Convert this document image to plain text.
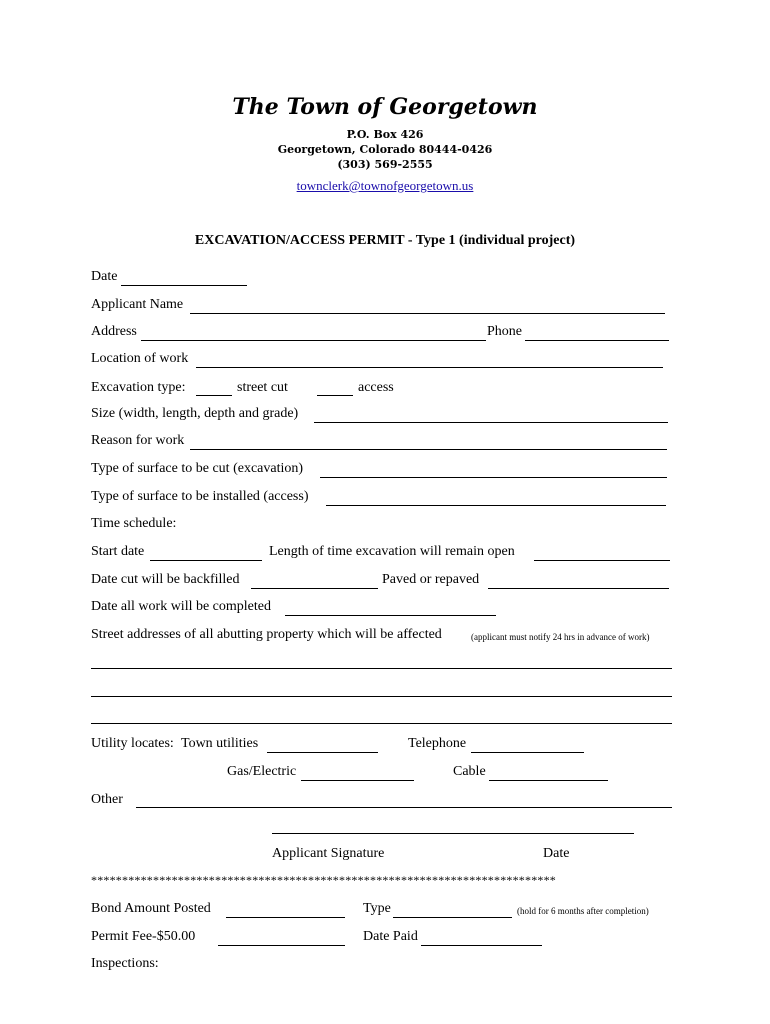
The Town of Georgetown
P.O. Box 426
Georgetown, Colorado 80444-0426
(303) 569-2555
townclerk@townofgeorgetown.us
EXCAVATION/ACCESS PERMIT - Type 1 (individual project)
Date
Applicant Name
Address	Phone
Location of work
Excavation type:	street cut	access
Size (width, length, depth and grade)
Reason for work
Type of surface to be cut (excavation)
Type of surface to be installed (access)
Time schedule:
Start date	Length of time excavation will remain open
Date cut will be backfilled	Paved or repaved
Date all work will be completed
Street addresses of all abutting property which will be affected	(applicant must notify 24 hrs in advance of work)
Utility locates: Town utilities	Telephone
Gas/Electric	Cable
Other
Applicant Signature	Date
***************************************************************************
Bond Amount Posted	Type	(hold for 6 months after completion)
Permit Fee-$50.00	Date Paid
Inspections:
